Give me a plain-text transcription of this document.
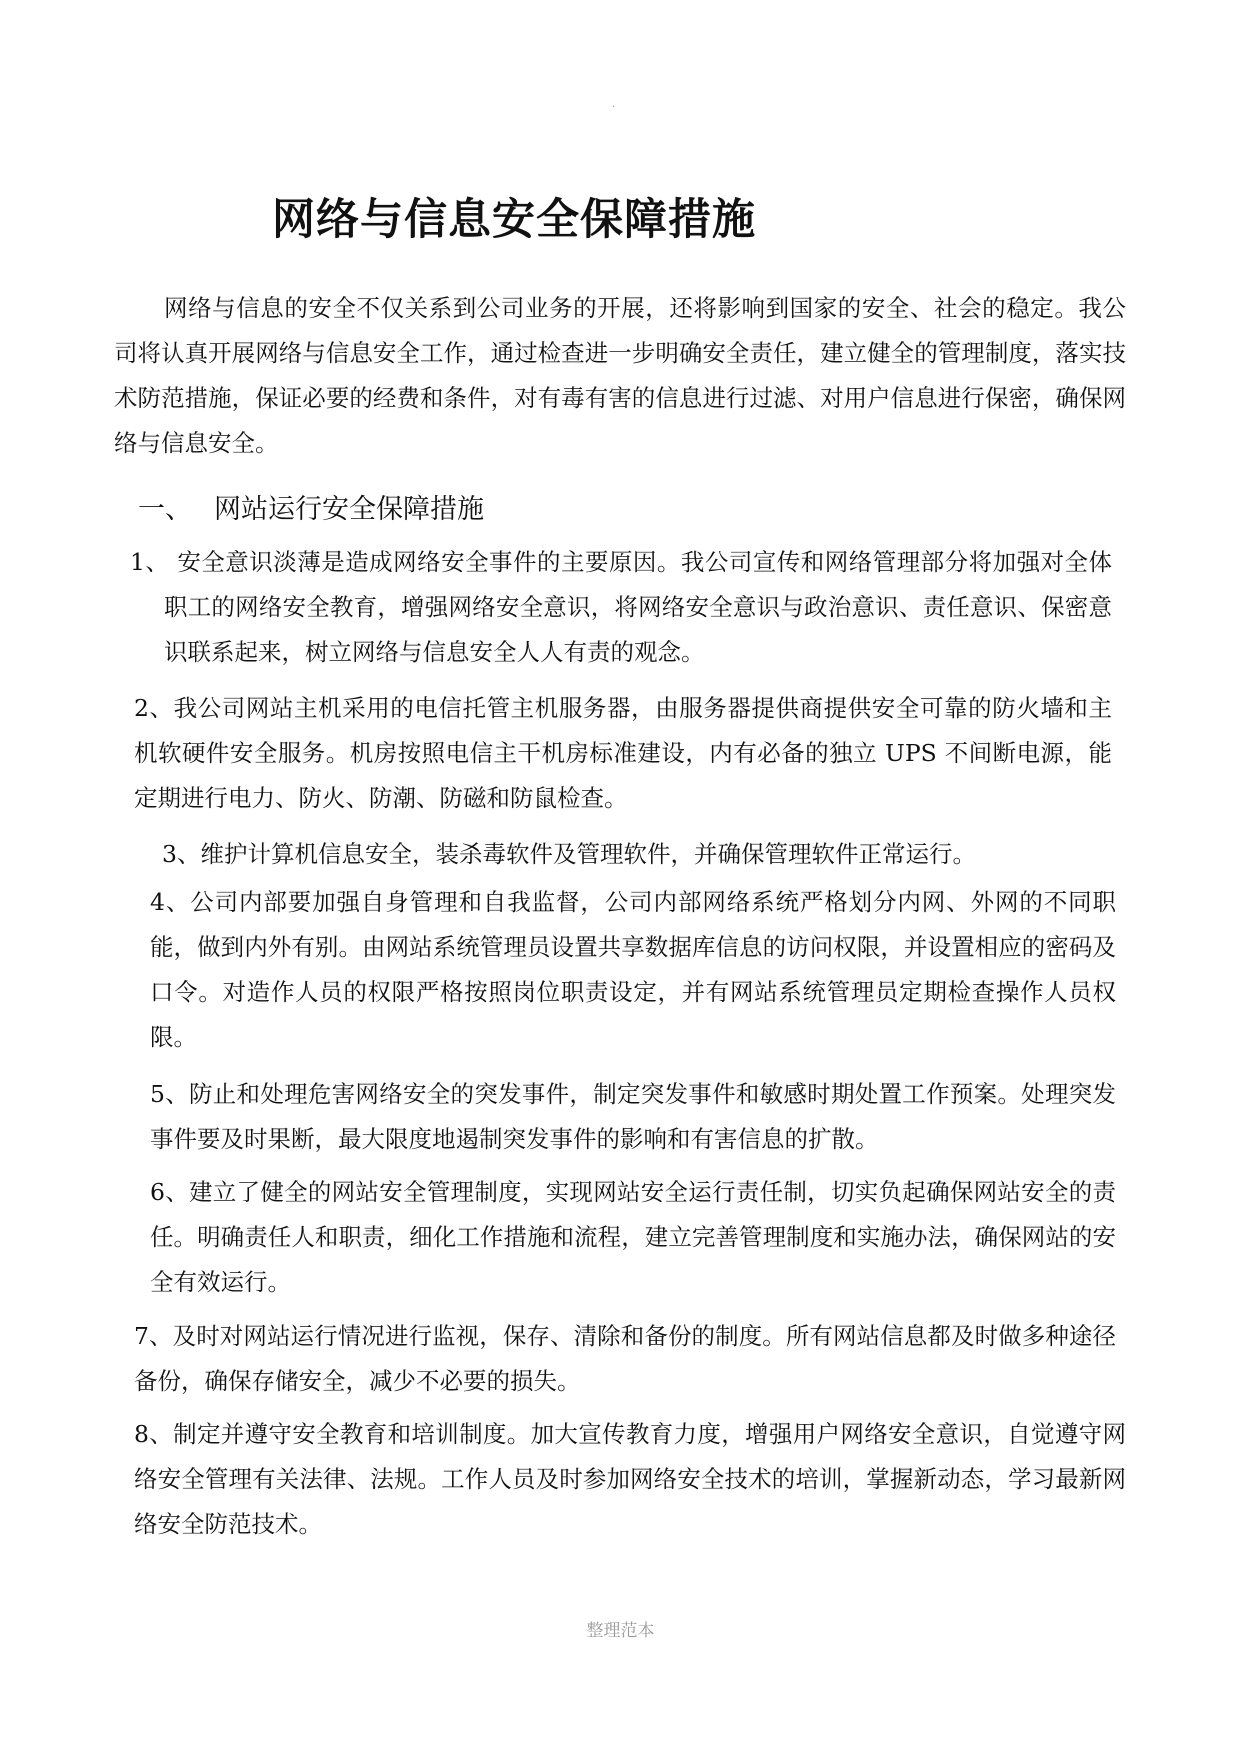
.
网络与信息安全保障措施

网络与信息的安全不仅关系到公司业务的开展，还将影响到国家的安全、社会的稳定。我公司将认真开展网络与信息安全工作，通过检查进一步明确安全责任，建立健全的管理制度，落实技术防范措施，保证必要的经费和条件，对有毒有害的信息进行过滤、对用户信息进行保密，确保网络与信息安全。

一、 网站运行安全保障措施

1、 安全意识淡薄是造成网络安全事件的主要原因。我公司宣传和网络管理部分将加强对全体职工的网络安全教育，增强网络安全意识，将网络安全意识与政治意识、责任意识、保密意识联系起来，树立网络与信息安全人人有责的观念。

2、我公司网站主机采用的电信托管主机服务器，由服务器提供商提供安全可靠的防火墙和主机软硬件安全服务。机房按照电信主干机房标准建设，内有必备的独立 UPS 不间断电源，能定期进行电力、防火、防潮、防磁和防鼠检查。

3、维护计算机信息安全，装杀毒软件及管理软件，并确保管理软件正常运行。

4、公司内部要加强自身管理和自我监督，公司内部网络系统严格划分内网、外网的不同职能，做到内外有别。由网站系统管理员设置共享数据库信息的访问权限，并设置相应的密码及口令。对造作人员的权限严格按照岗位职责设定，并有网站系统管理员定期检查操作人员权限。

5、防止和处理危害网络安全的突发事件，制定突发事件和敏感时期处置工作预案。处理突发事件要及时果断，最大限度地遏制突发事件的影响和有害信息的扩散。

6、建立了健全的网站安全管理制度，实现网站安全运行责任制，切实负起确保网站安全的责任。明确责任人和职责，细化工作措施和流程，建立完善管理制度和实施办法，确保网站的安全有效运行。

7、及时对网站运行情况进行监视，保存、清除和备份的制度。所有网站信息都及时做多种途径备份，确保存储安全，减少不必要的损失。

8、制定并遵守安全教育和培训制度。加大宣传教育力度，增强用户网络安全意识，自觉遵守网络安全管理有关法律、法规。工作人员及时参加网络安全技术的培训，掌握新动态，学习最新网络安全防范技术。

整理范本
